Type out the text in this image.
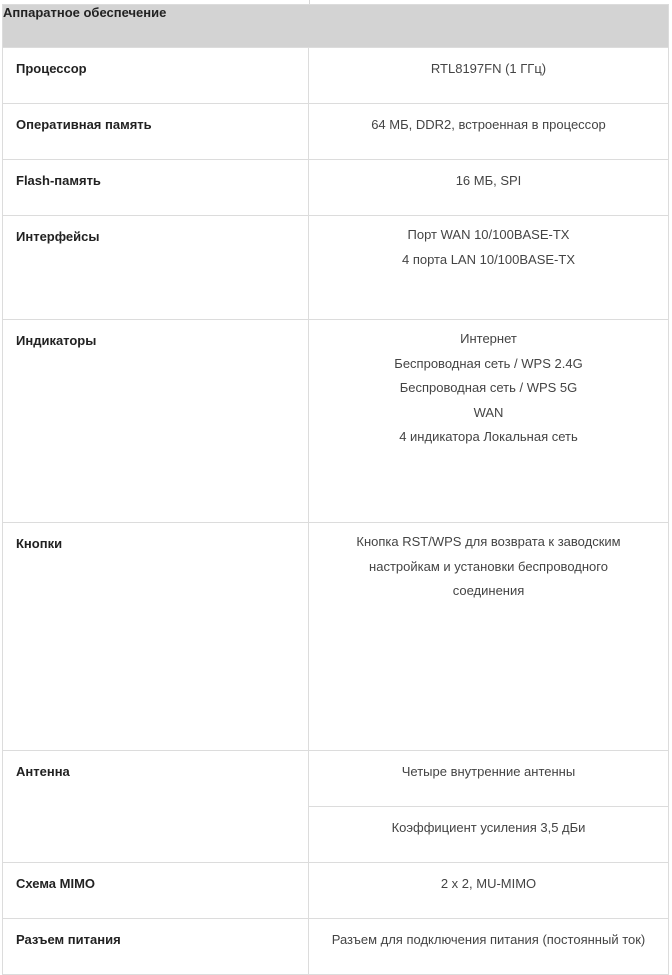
Аппаратное обеспечение	
Процессор	RTL8197FN (1 ГГц)

Оперативная память	64 МБ, DDR2, встроенная в процессор

Flash-память	16 МБ, SPI

Интерфейсы	Порт WAN 10/100BASE-TX
4 порта LAN 10/100BASE-TX

Индикаторы	Интернет
Беспроводная сеть / WPS 2.4G
Беспроводная сеть / WPS 5G
WAN
4 индикатора Локальная сеть

Кнопки	Кнопка RST/WPS для возврата к заводским
настройкам и установки беспроводного
соединения

Антенна	Четыре внутренние антенны

	Коэффициент усиления 3,5 дБи

Схема MIMO	2 x 2, MU-MIMO

Разъем питания	Разъем для подключения питания (постоянный ток)
